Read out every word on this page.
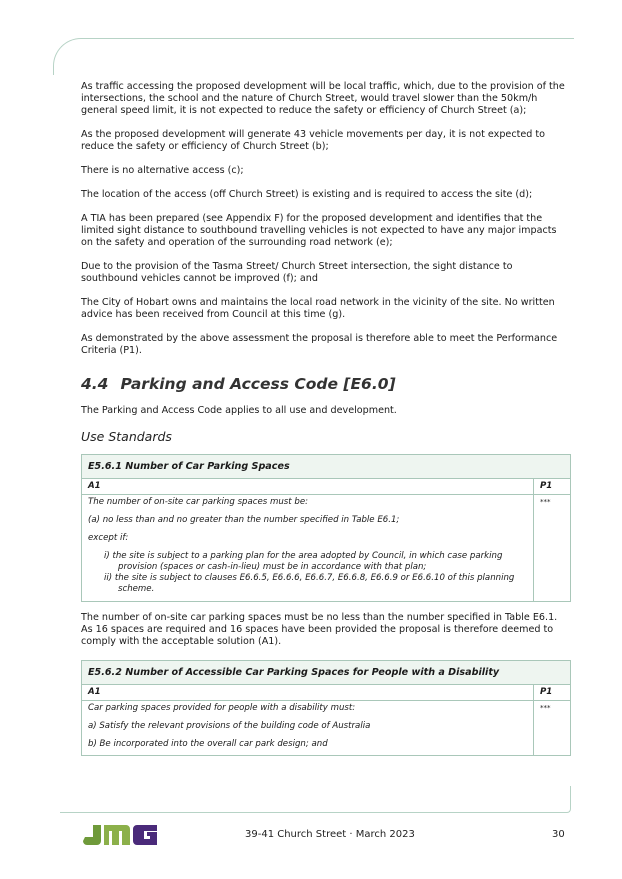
As traffic accessing the proposed development will be local traffic, which, due to the provision of the intersections, the school and the nature of Church Street, would travel slower than the 50km/h general speed limit, it is not expected to reduce the safety or efficiency of Church Street (a);

As the proposed development will generate 43 vehicle movements per day, it is not expected to reduce the safety or efficiency of Church Street (b);

There is no alternative access (c);

The location of the access (off Church Street) is existing and is required to access the site (d);

A TIA has been prepared (see Appendix F) for the proposed development and identifies that the limited sight distance to southbound travelling vehicles is not expected to have any major impacts on the safety and operation of the surrounding road network (e);

Due to the provision of the Tasma Street/ Church Street intersection, the sight distance to southbound vehicles cannot be improved (f); and

The City of Hobart owns and maintains the local road network in the vicinity of the site. No written advice has been received from Council at this time (g).

As demonstrated by the above assessment the proposal is therefore able to meet the Performance Criteria (P1).

4.4 Parking and Access Code [E6.0]

The Parking and Access Code applies to all use and development.

Use Standards
E5.6.1 Number of Car Parking Spaces	
A1	P1

The number of on-site car parking spaces must be:
(a) no less than and no greater than the number specified in Table E6.1;
except if:
i) the site is subject to a parking plan for the area adopted by Council, in which case parking provision (spaces or cash-in-lieu) must be in accordance with that plan;
ii) the site is subject to clauses E6.6.5, E6.6.6, E6.6.7, E6.6.8, E6.6.9 or E6.6.10 of this planning scheme.	***

The number of on-site car parking spaces must be no less than the number specified in Table E6.1. As 16 spaces are required and 16 spaces have been provided the proposal is therefore deemed to comply with the acceptable solution (A1).

E5.6.2 Number of Accessible Car Parking Spaces for People with a Disability	
A1	P1

Car parking spaces provided for people with a disability must:
a) Satisfy the relevant provisions of the building code of Australia
b) Be incorporated into the overall car park design; and	***
39-41 Church Street · March 2023	30
